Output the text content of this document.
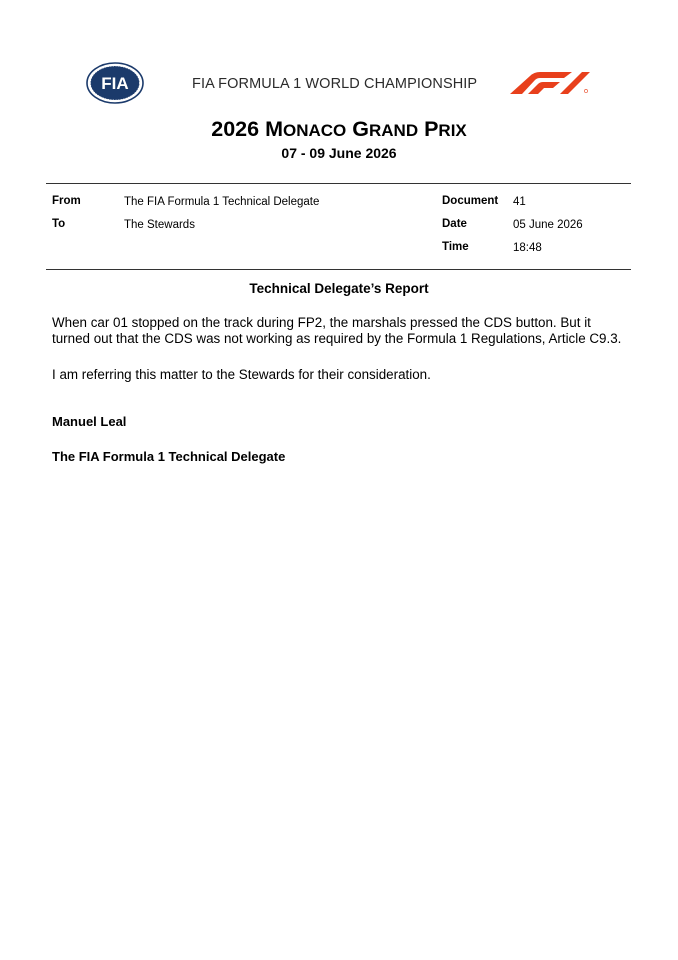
FIA	FIA FORMULA 1 WORLD CHAMPIONSHIP
2026 MONACO GRAND PRIX
07 - 09 June 2026
From	The FIA Formula 1 Technical Delegate
To	The Stewards
Document 41
Date	05 June 2026
Time	18:48
Technical Delegate’s Report
When car 01 stopped on the track during FP2, the marshals pressed the CDS button. But it turned out that the CDS was not working as required by the Formula 1 Regulations, Article C9.3.
I am referring this matter to the Stewards for their consideration.
Manuel Leal
The FIA Formula 1 Technical Delegate
